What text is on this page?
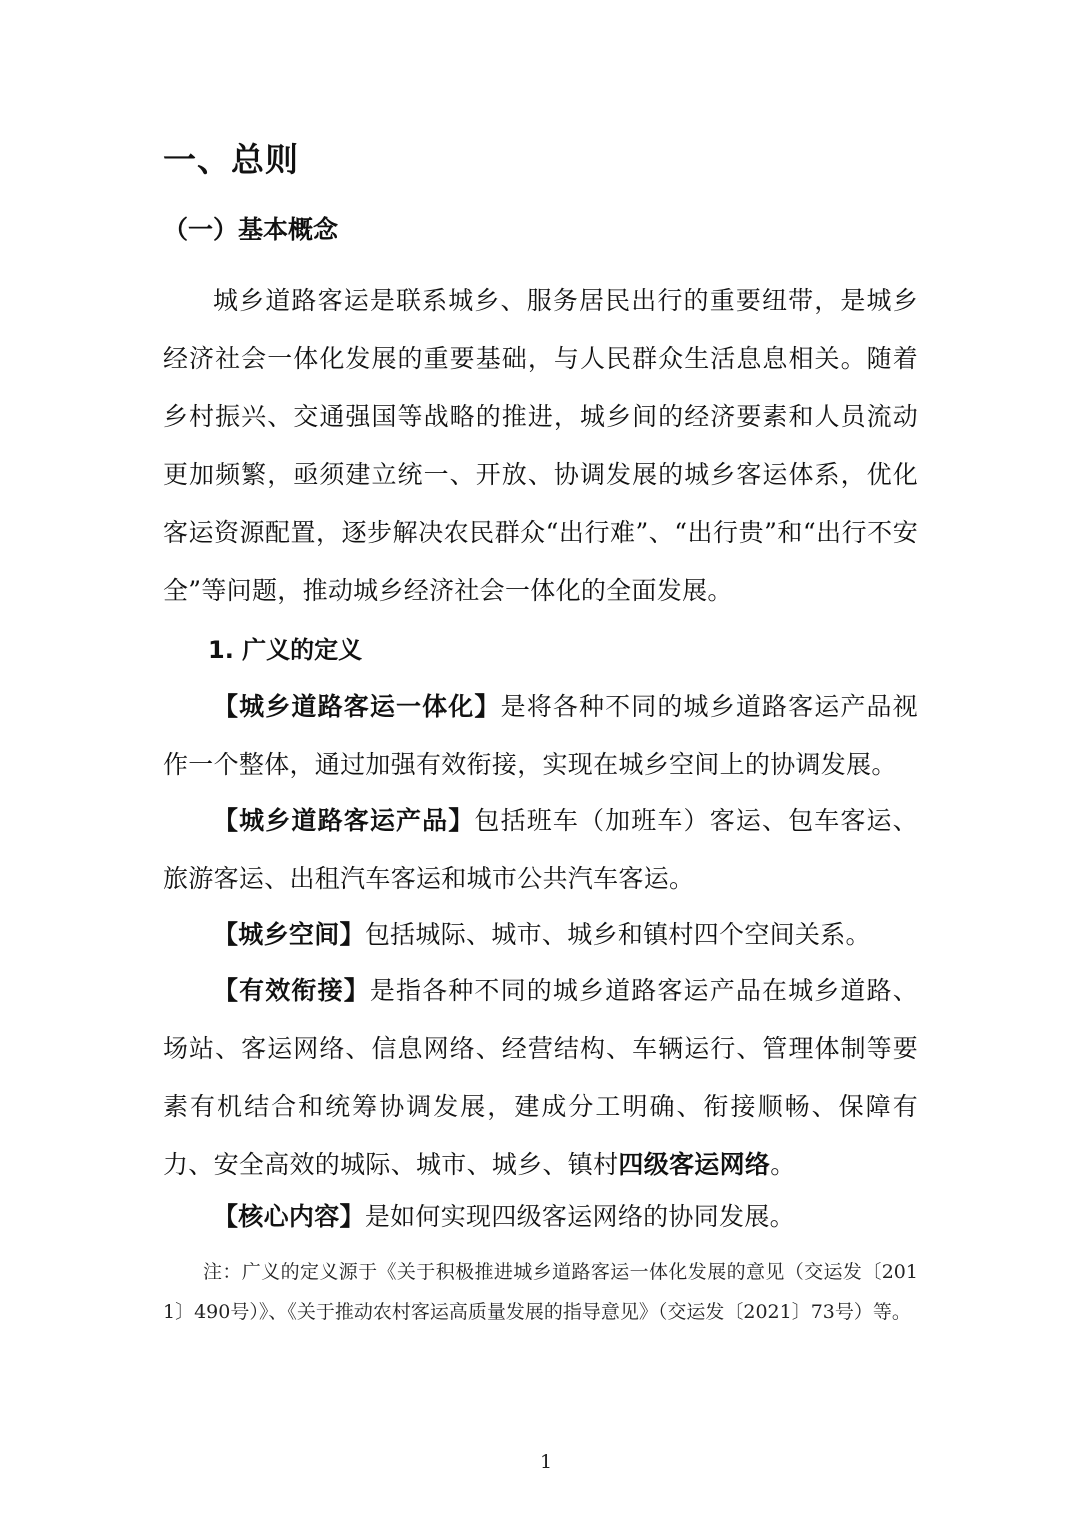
一、总则
（一）基本概念

城乡道路客运是联系城乡、服务居民出行的重要纽带，是城乡经济社会一体化发展的重要基础，与人民群众生活息息相关。随着乡村振兴、交通强国等战略的推进，城乡间的经济要素和人员流动更加频繁，亟须建立统一、开放、协调发展的城乡客运体系，优化客运资源配置，逐步解决农民群众“出行难”、“出行贵”和“出行不安全”等问题，推动城乡经济社会一体化的全面发展。

1. 广义的定义

【城乡道路客运一体化】是将各种不同的城乡道路客运产品视作一个整体，通过加强有效衔接，实现在城乡空间上的协调发展。

【城乡道路客运产品】包括班车（加班车）客运、包车客运、旅游客运、出租汽车客运和城市公共汽车客运。

【城乡空间】包括城际、城市、城乡和镇村四个空间关系。

【有效衔接】是指各种不同的城乡道路客运产品在城乡道路、场站、客运网络、信息网络、经营结构、车辆运行、管理体制等要素有机结合和统筹协调发展，建成分工明确、衔接顺畅、保障有力、安全高效的城际、城市、城乡、镇村四级客运网络。

【核心内容】是如何实现四级客运网络的协同发展。

注：广义的定义源于《关于积极推进城乡道路客运一体化发展的意见（交运发〔2011〕490号）》、《关于推动农村客运高质量发展的指导意见》（交运发〔2021〕73号）等。

1
